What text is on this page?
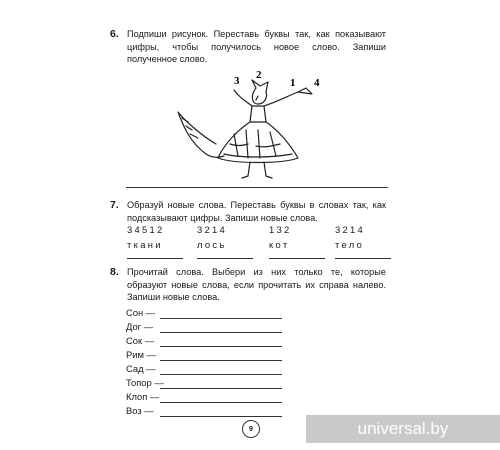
6. Подпиши рисунок. Переставь буквы так, как показывают цифры, чтобы получилось новое слово. Запиши полученное слово.
3 2
1 4
7. Образуй новые слова. Переставь буквы в словах так, как подсказывают цифры. Запиши новые слова.
34512
ткани
3214
лось
132
кот
3214
тело
8. Прочитай слова. Выбери из них только те, которые образуют новые слова, если прочитать их справа налево. Запиши новые слова.
Сон —
Дог —
Сок —
Рим —
Сад —
Топор —
Клоп —
Воз —
9	universal.by
